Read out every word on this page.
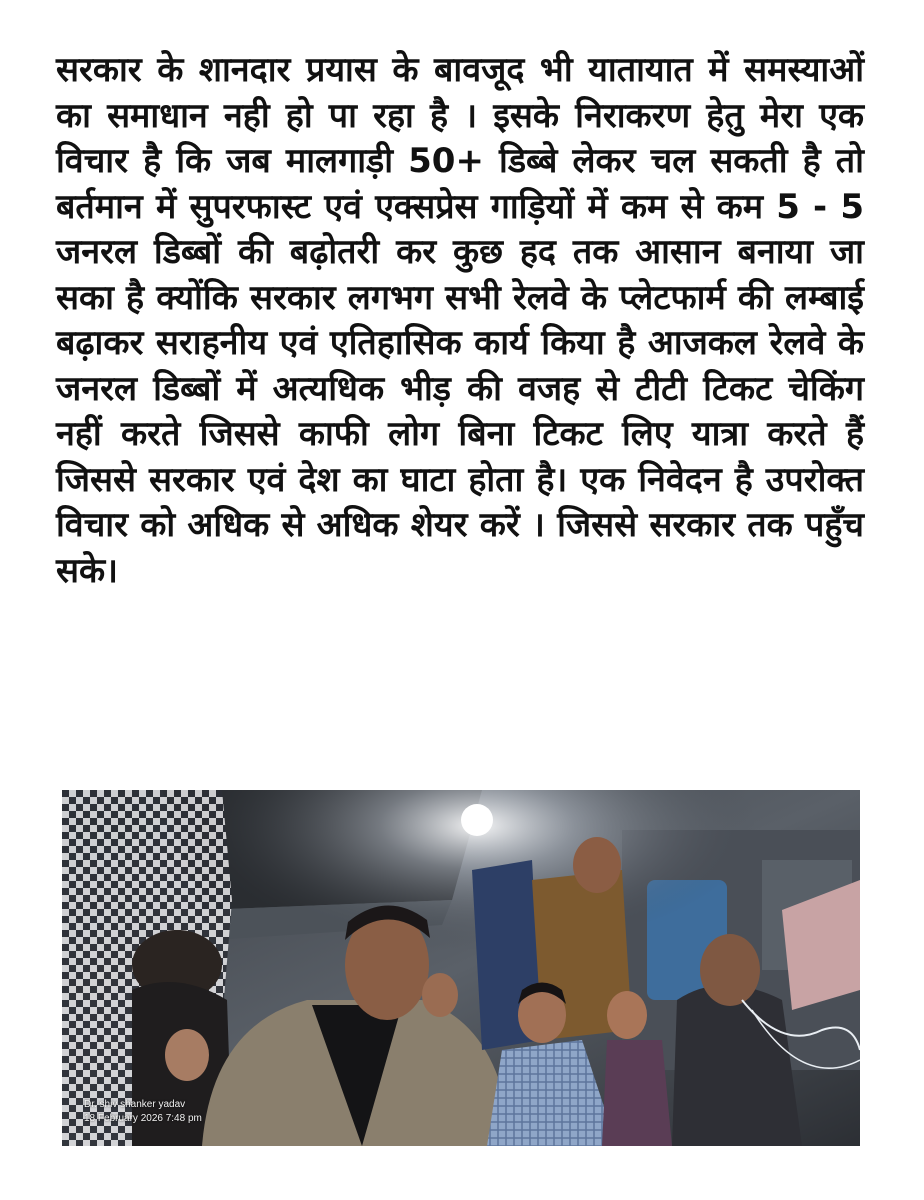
सरकार के शानदार प्रयास के बावजूद भी यातायात में समस्याओं का समाधान नही हो पा रहा है । इसके निराकरण हेतु मेरा एक विचार है कि जब मालगाड़ी 50+ डिब्बे लेकर चल सकती है तो बर्तमान में सुपरफास्ट एवं एक्सप्रेस गाड़ियों में कम से कम 5 - 5 जनरल डिब्बों की बढ़ोतरी कर कुछ हद तक आसान बनाया जा सका है क्योंकि सरकार लगभग सभी रेलवे के प्लेटफार्म की लम्बाई बढ़ाकर सराहनीय एवं एतिहासिक कार्य किया है आजकल रेलवे के जनरल डिब्बों में अत्यधिक भीड़ की वजह से टीटी टिकट चेकिंग नहीं करते जिससे काफी लोग बिना टिकट लिए यात्रा करते हैं जिससे सरकार एवं देश का घाटा होता है। एक निवेदन है उपरोक्त विचार को अधिक से अधिक शेयर करें । जिससे सरकार तक पहुँच सके।

Dr. shiv shanker yadav
18 February 2026 7:48 pm
